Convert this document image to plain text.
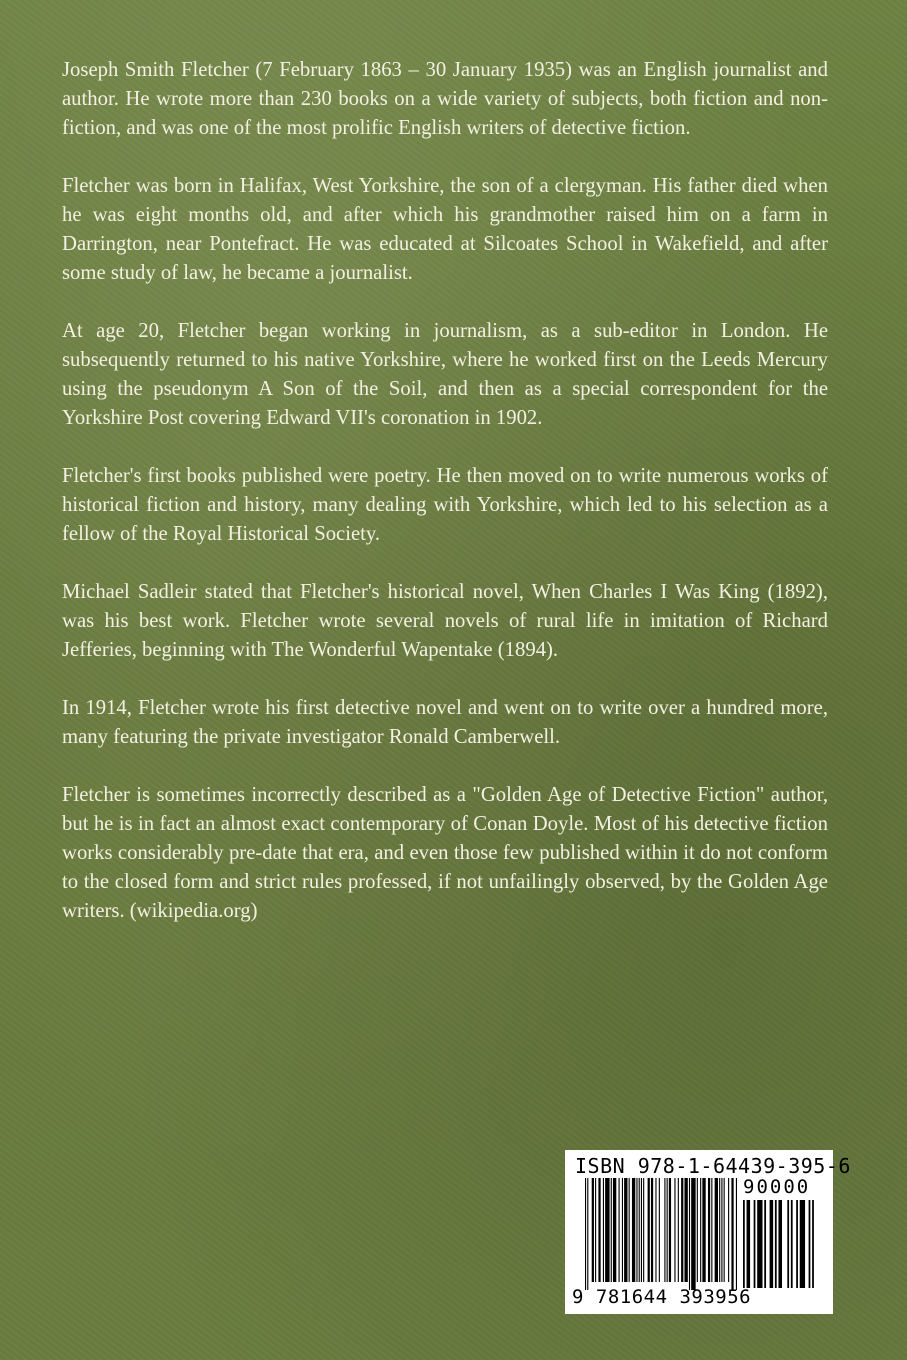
Joseph Smith Fletcher (7 February 1863 – 30 January 1935) was an English journalist and author. He wrote more than 230 books on a wide variety of subjects, both fiction and non-fiction, and was one of the most prolific English writers of detective fiction.

Fletcher was born in Halifax, West Yorkshire, the son of a clergyman. His father died when he was eight months old, and after which his grandmother raised him on a farm in Darrington, near Pontefract. He was educated at Silcoates School in Wakefield, and after some study of law, he became a journalist.

At age 20, Fletcher began working in journalism, as a sub-editor in London. He subsequently returned to his native Yorkshire, where he worked first on the Leeds Mercury using the pseudonym A Son of the Soil, and then as a special correspondent for the Yorkshire Post covering Edward VII's coronation in 1902.

Fletcher's first books published were poetry. He then moved on to write numerous works of historical fiction and history, many dealing with Yorkshire, which led to his selection as a fellow of the Royal Historical Society.

Michael Sadleir stated that Fletcher's historical novel, When Charles I Was King (1892), was his best work. Fletcher wrote several novels of rural life in imitation of Richard Jefferies, beginning with The Wonderful Wapentake (1894).

In 1914, Fletcher wrote his first detective novel and went on to write over a hundred more, many featuring the private investigator Ronald Camberwell.

Fletcher is sometimes incorrectly described as a "Golden Age of Detective Fiction" author, but he is in fact an almost exact contemporary of Conan Doyle. Most of his detective fiction works considerably pre-date that era, and even those few published within it do not conform to the closed form and strict rules professed, if not unfailingly observed, by the Golden Age writers. (wikipedia.org)

ISBN 978-1-64439-395-6
90000
9 781644 393956
